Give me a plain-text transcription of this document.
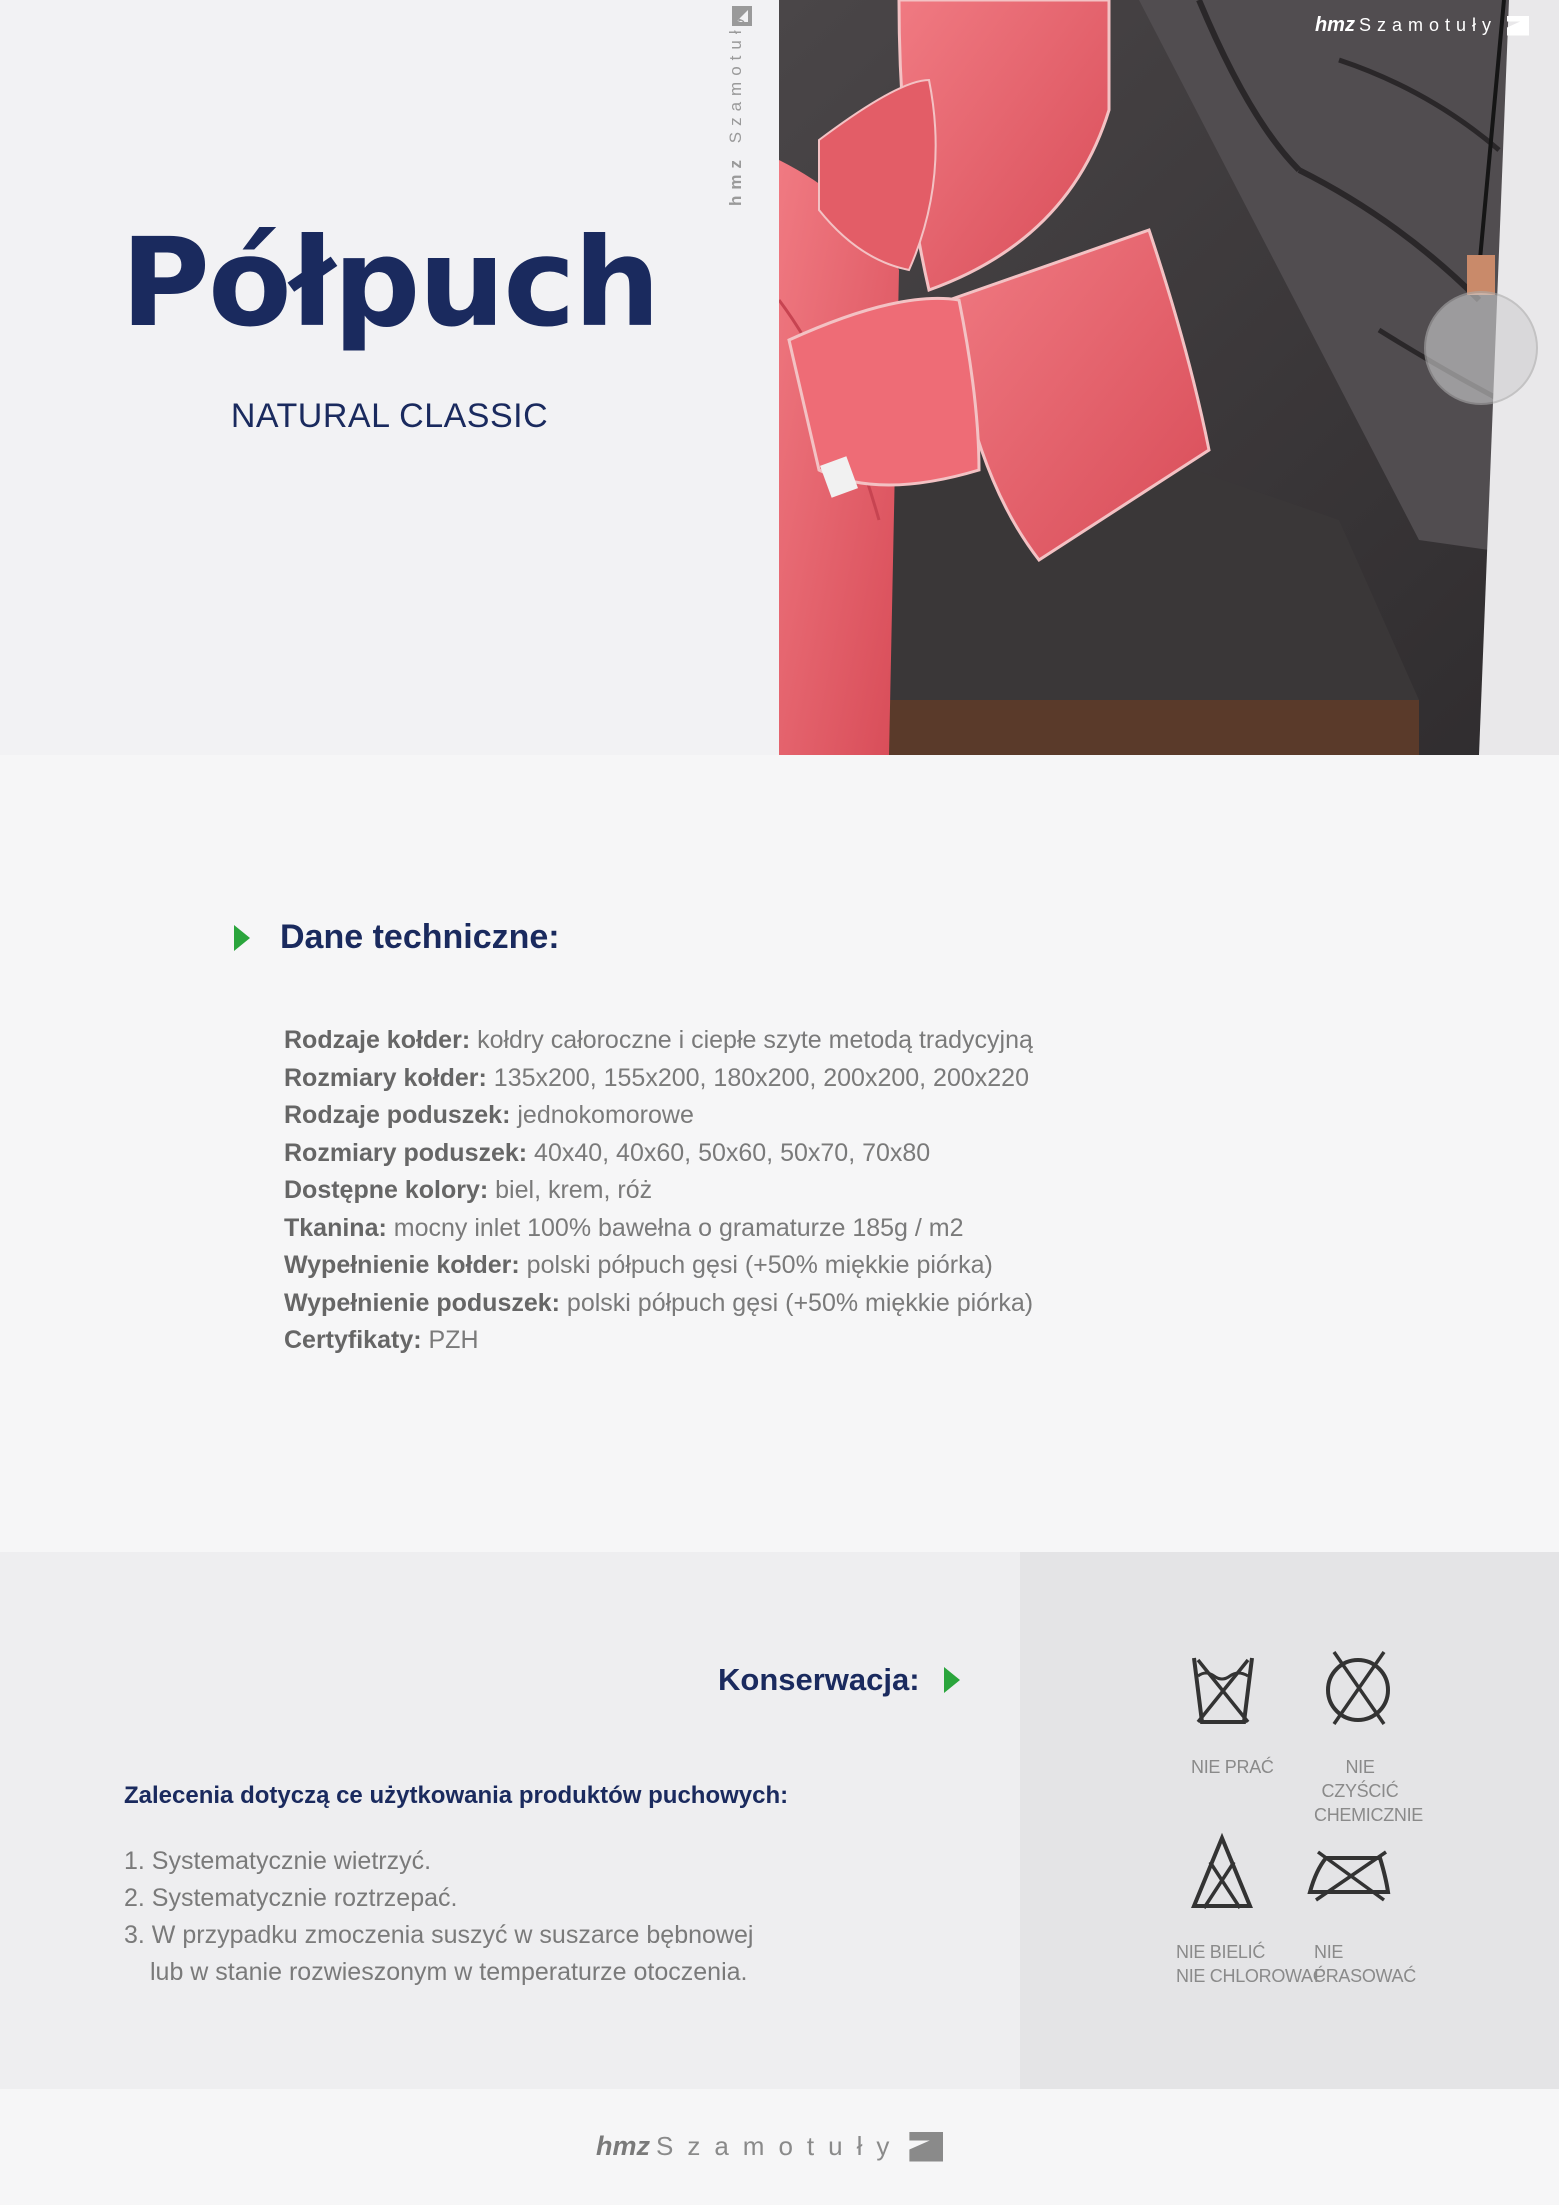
Półpuch
NATURAL CLASSIC
hmz Szamotuły	hmz Szamotuły
Dane techniczne:
Rodzaje kołder: kołdry całoroczne i ciepłe szyte metodą tradycyjną
Rozmiary kołder: 135x200, 155x200, 180x200, 200x200, 200x220
Rodzaje poduszek: jednokomorowe
Rozmiary poduszek: 40x40, 40x60, 50x60, 50x70, 70x80
Dostępne kolory: biel, krem, róż
Tkanina: mocny inlet 100% bawełna o gramaturze 185g / m2
Wypełnienie kołder: polski półpuch gęsi (+50% miękkie piórka)
Wypełnienie poduszek: polski półpuch gęsi (+50% miękkie piórka)
Certyfikaty: PZH
Konserwacja:
Zalecenia dotyczą ce użytkowania produktów puchowych:
1. Systematycznie wietrzyć.
2. Systematycznie roztrzepać.
3. W przypadku zmoczenia suszyć w suszarce bębnowej
lub w stanie rozwieszonym w temperaturze otoczenia.
NIE PRAĆ	NIE CZYŚCIĆ
CHEMICZNIE
NIE BIELIĆ
NIE CHLOROWAĆ
NIE
PRASOWAĆ
hmz Szamotuły
